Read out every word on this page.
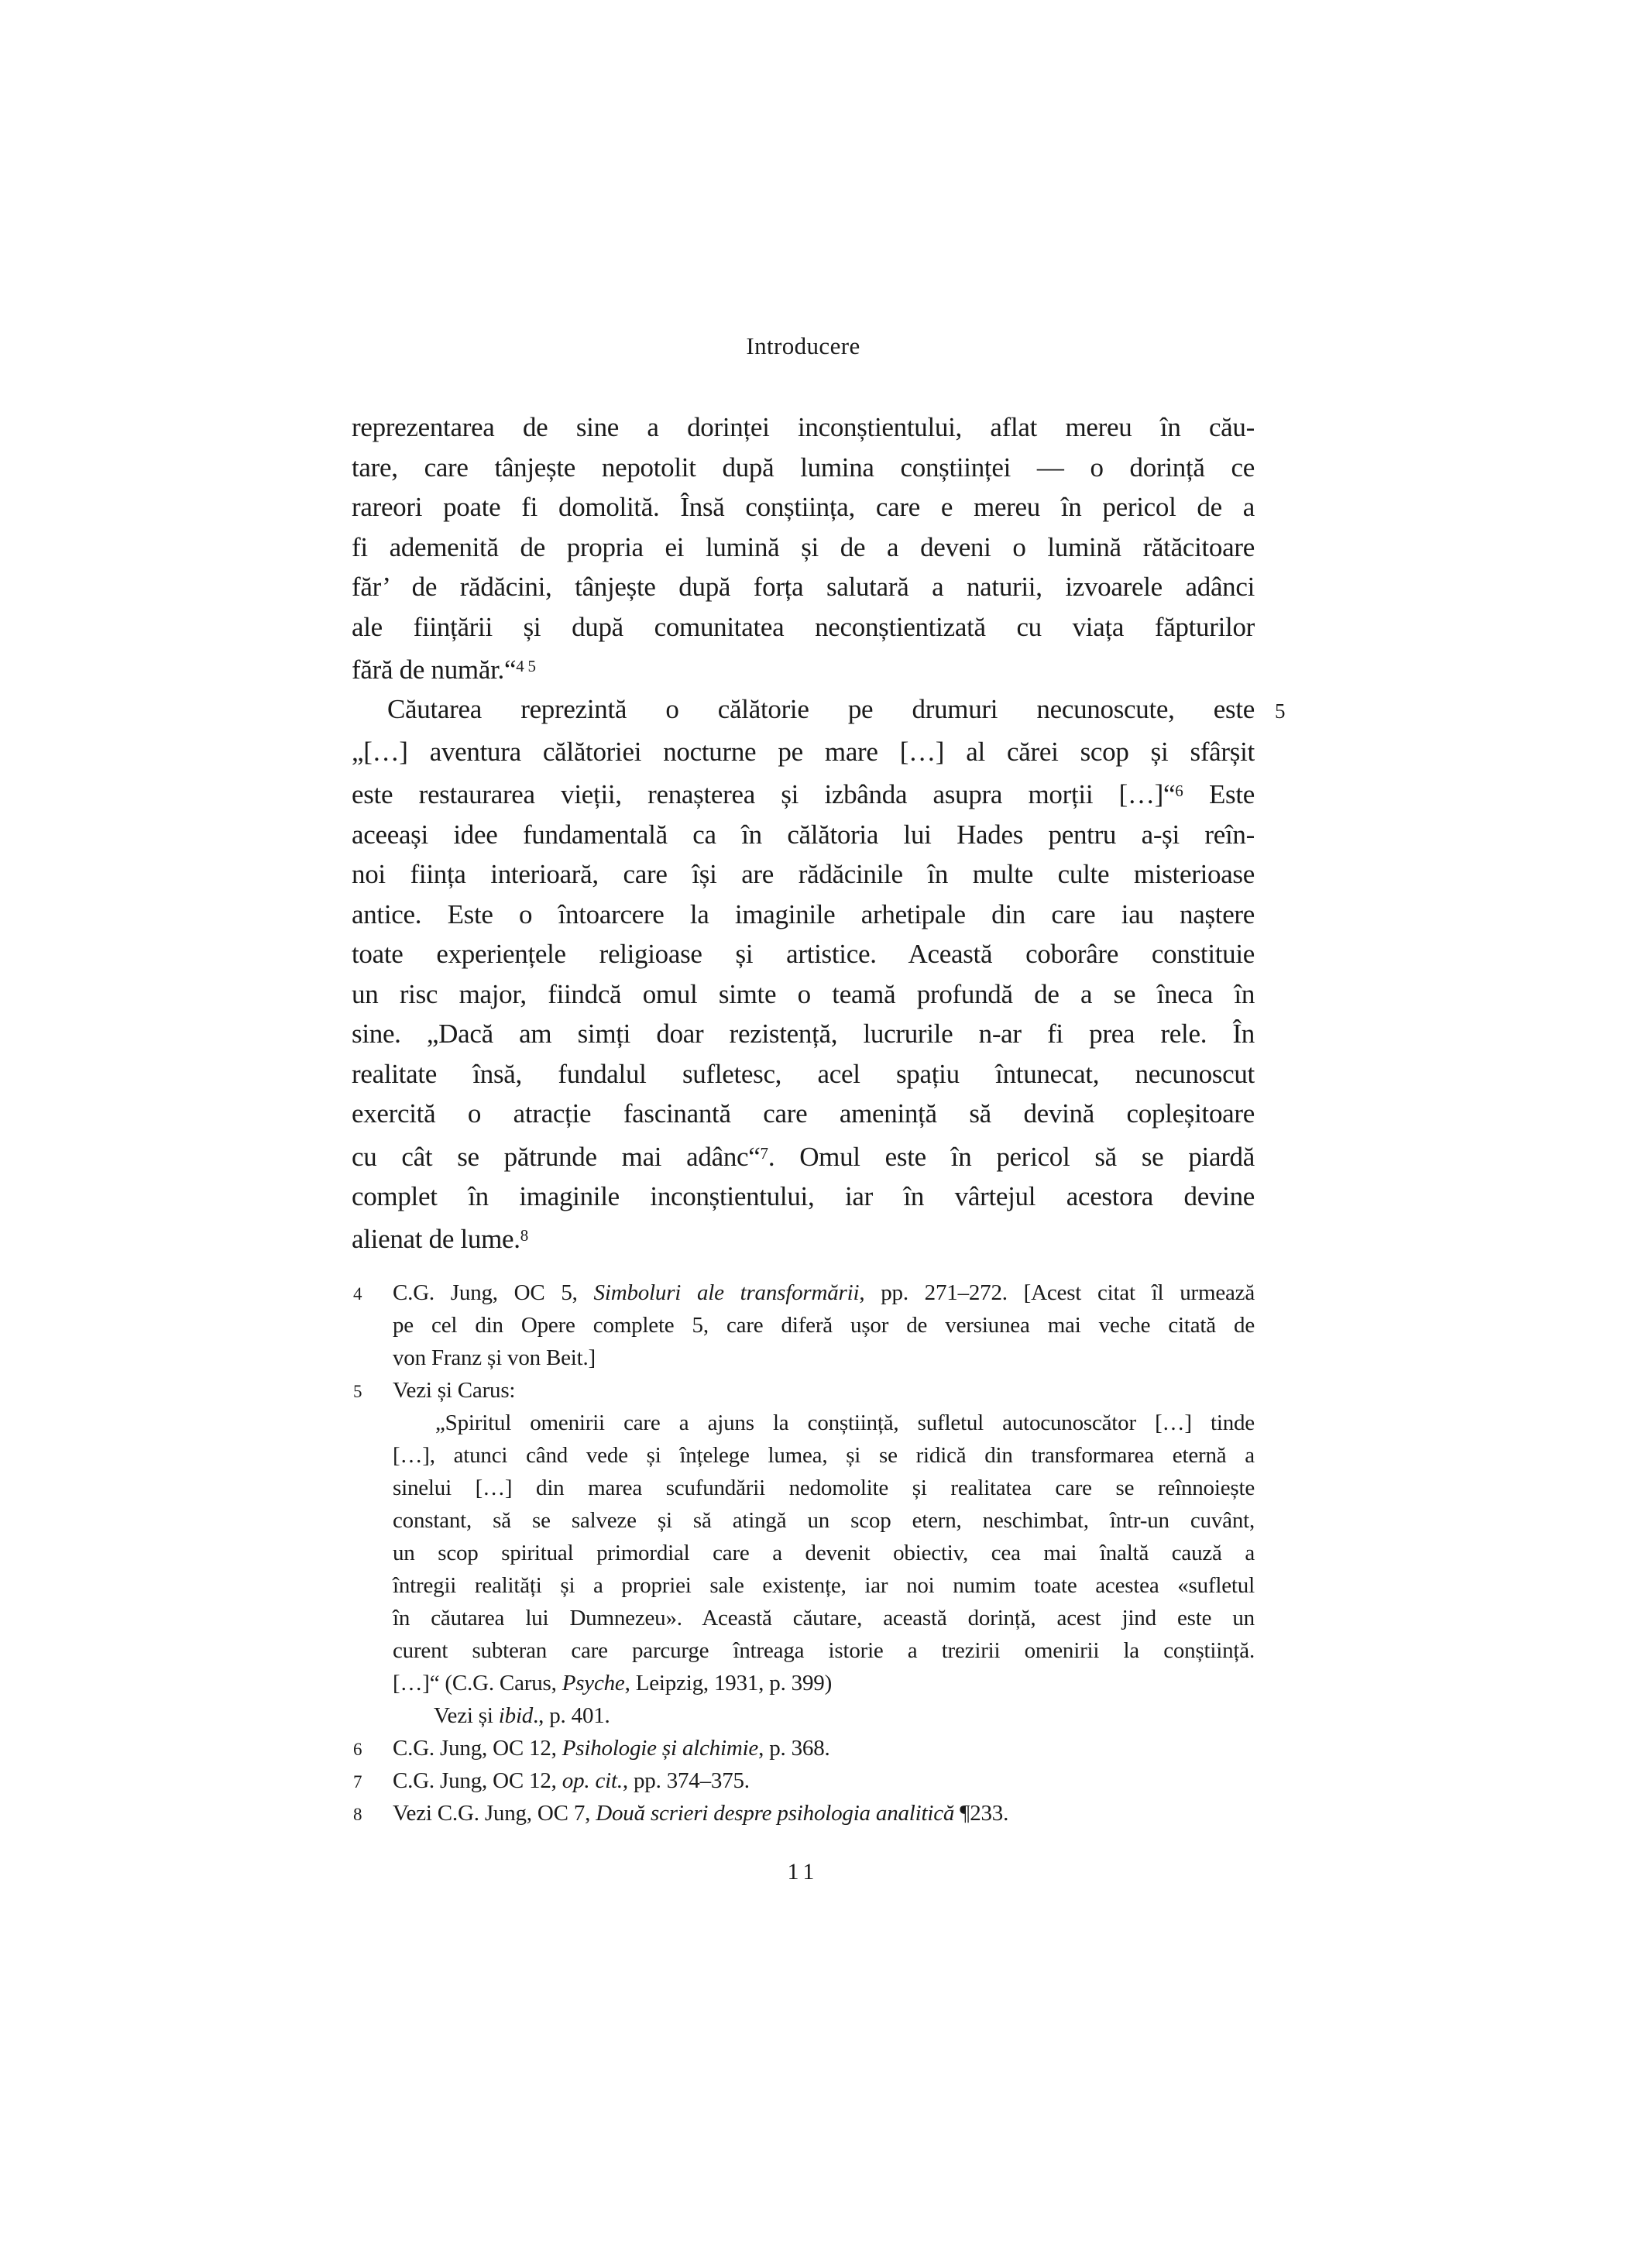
Introducere
reprezentarea de sine a dorinței inconștientului, aflat mereu în cău-
tare, care tânjește nepotolit după lumina conștiinței — o dorință ce
rareori poate fi domolită. Însă conștiința, care e mereu în pericol de a
fi ademenită de propria ei lumină și de a deveni o lumină rătăcitoare
făr’ de rădăcini, tânjește după forța salutară a naturii, izvoarele adânci
ale ființării și după comunitatea neconștientizată cu viața făpturilor
fără de număr.“$^{4 5}$
Căutarea reprezintă o călătorie pe drumuri necunoscute, este 5
„[…] aventura călătoriei nocturne pe mare […] al cărei scop și sfârșit
este restaurarea vieții, renașterea și izbânda asupra morții […]“$^6$ Este
aceeași idee fundamentală ca în călătoria lui Hades pentru a-și reîn-
noi ființa interioară, care își are rădăcinile în multe culte misterioase
antice. Este o întoarcere la imaginile arhetipale din care iau naștere
toate experiențele religioase și artistice. Această coborâre constituie
un risc major, fiindcă omul simte o teamă profundă de a se îneca în
sine. „Dacă am simți doar rezistență, lucrurile n-ar fi prea rele. În
realitate însă, fundalul sufletesc, acel spațiu întunecat, necunoscut
exercită o atracție fascinantă care amenință să devină copleșitoare
cu cât se pătrunde mai adânc“$^7$. Omul este în pericol să se piardă
complet în imaginile inconștientului, iar în vârtejul acestora devine
alienat de lume.$^8$
4 C.G. Jung, OC 5, Simboluri ale transformării, pp. 271–272. [Acest citat îl urmează
pe cel din Opere complete 5, care diferă ușor de versiunea mai veche citată de
von Franz și von Beit.]
5 Vezi și Carus:
„Spiritul omenirii care a ajuns la conștiință, sufletul autocunoscător […] tinde
[…], atunci când vede și înțelege lumea, și se ridică din transformarea eternă a
sinelui […] din marea scufundării nedomolite și realitatea care se reînnoiește
constant, să se salveze și să atingă un scop etern, neschimbat, într-un cuvânt,
un scop spiritual primordial care a devenit obiectiv, cea mai înaltă cauză a
întregii realități și a propriei sale existențe, iar noi numim toate acestea «sufletul
în căutarea lui Dumnezeu». Această căutare, această dorință, acest jind este un
curent subteran care parcurge întreaga istorie a trezirii omenirii la conștiință.
[…]“ (C.G. Carus, Psyche, Leipzig, 1931, p. 399)
Vezi și ibid., p. 401.
6 C.G. Jung, OC 12, Psihologie și alchimie, p. 368.
7 C.G. Jung, OC 12, op. cit., pp. 374–375.
8 Vezi C.G. Jung, OC 7, Două scrieri despre psihologia analitică ¶233.
11
